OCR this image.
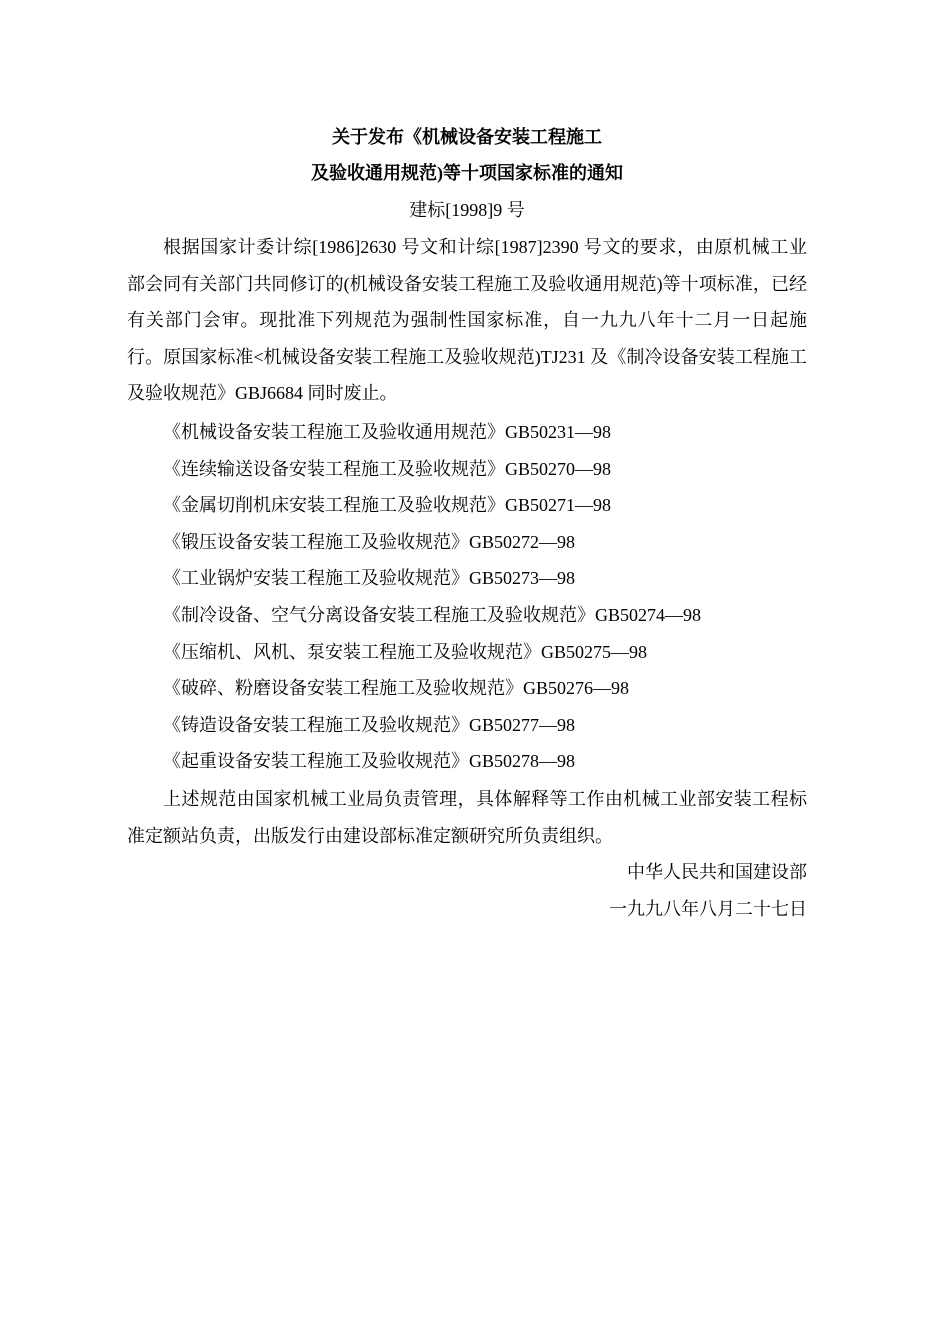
关于发布《机械设备安装工程施工
及验收通用规范)等十项国家标准的通知
建标[1998]9 号

根据国家计委计综[1986]2630 号文和计综[1987]2390 号文的要求，由原机械工业部会同有关部门共同修订的(机械设备安装工程施工及验收通用规范)等十项标准，已经有关部门会审。现批准下列规范为强制性国家标准，自一九九八年十二月一日起施行。原国家标准<机械设备安装工程施工及验收规范)TJ231 及《制冷设备安装工程施工及验收规范》GBJ6684 同时废止。

《机械设备安装工程施工及验收通用规范》GB50231—98
《连续输送设备安装工程施工及验收规范》GB50270—98
《金属切削机床安装工程施工及验收规范》GB50271—98
《锻压设备安装工程施工及验收规范》GB50272—98
《工业锅炉安装工程施工及验收规范》GB50273—98
《制冷设备、空气分离设备安装工程施工及验收规范》GB50274—98
《压缩机、风机、泵安装工程施工及验收规范》GB50275—98
《破碎、粉磨设备安装工程施工及验收规范》GB50276—98
《铸造设备安装工程施工及验收规范》GB50277—98
《起重设备安装工程施工及验收规范》GB50278—98

上述规范由国家机械工业局负责管理，具体解释等工作由机械工业部安装工程标准定额站负责，出版发行由建设部标准定额研究所负责组织。

中华人民共和国建设部
一九九八年八月二十七日
